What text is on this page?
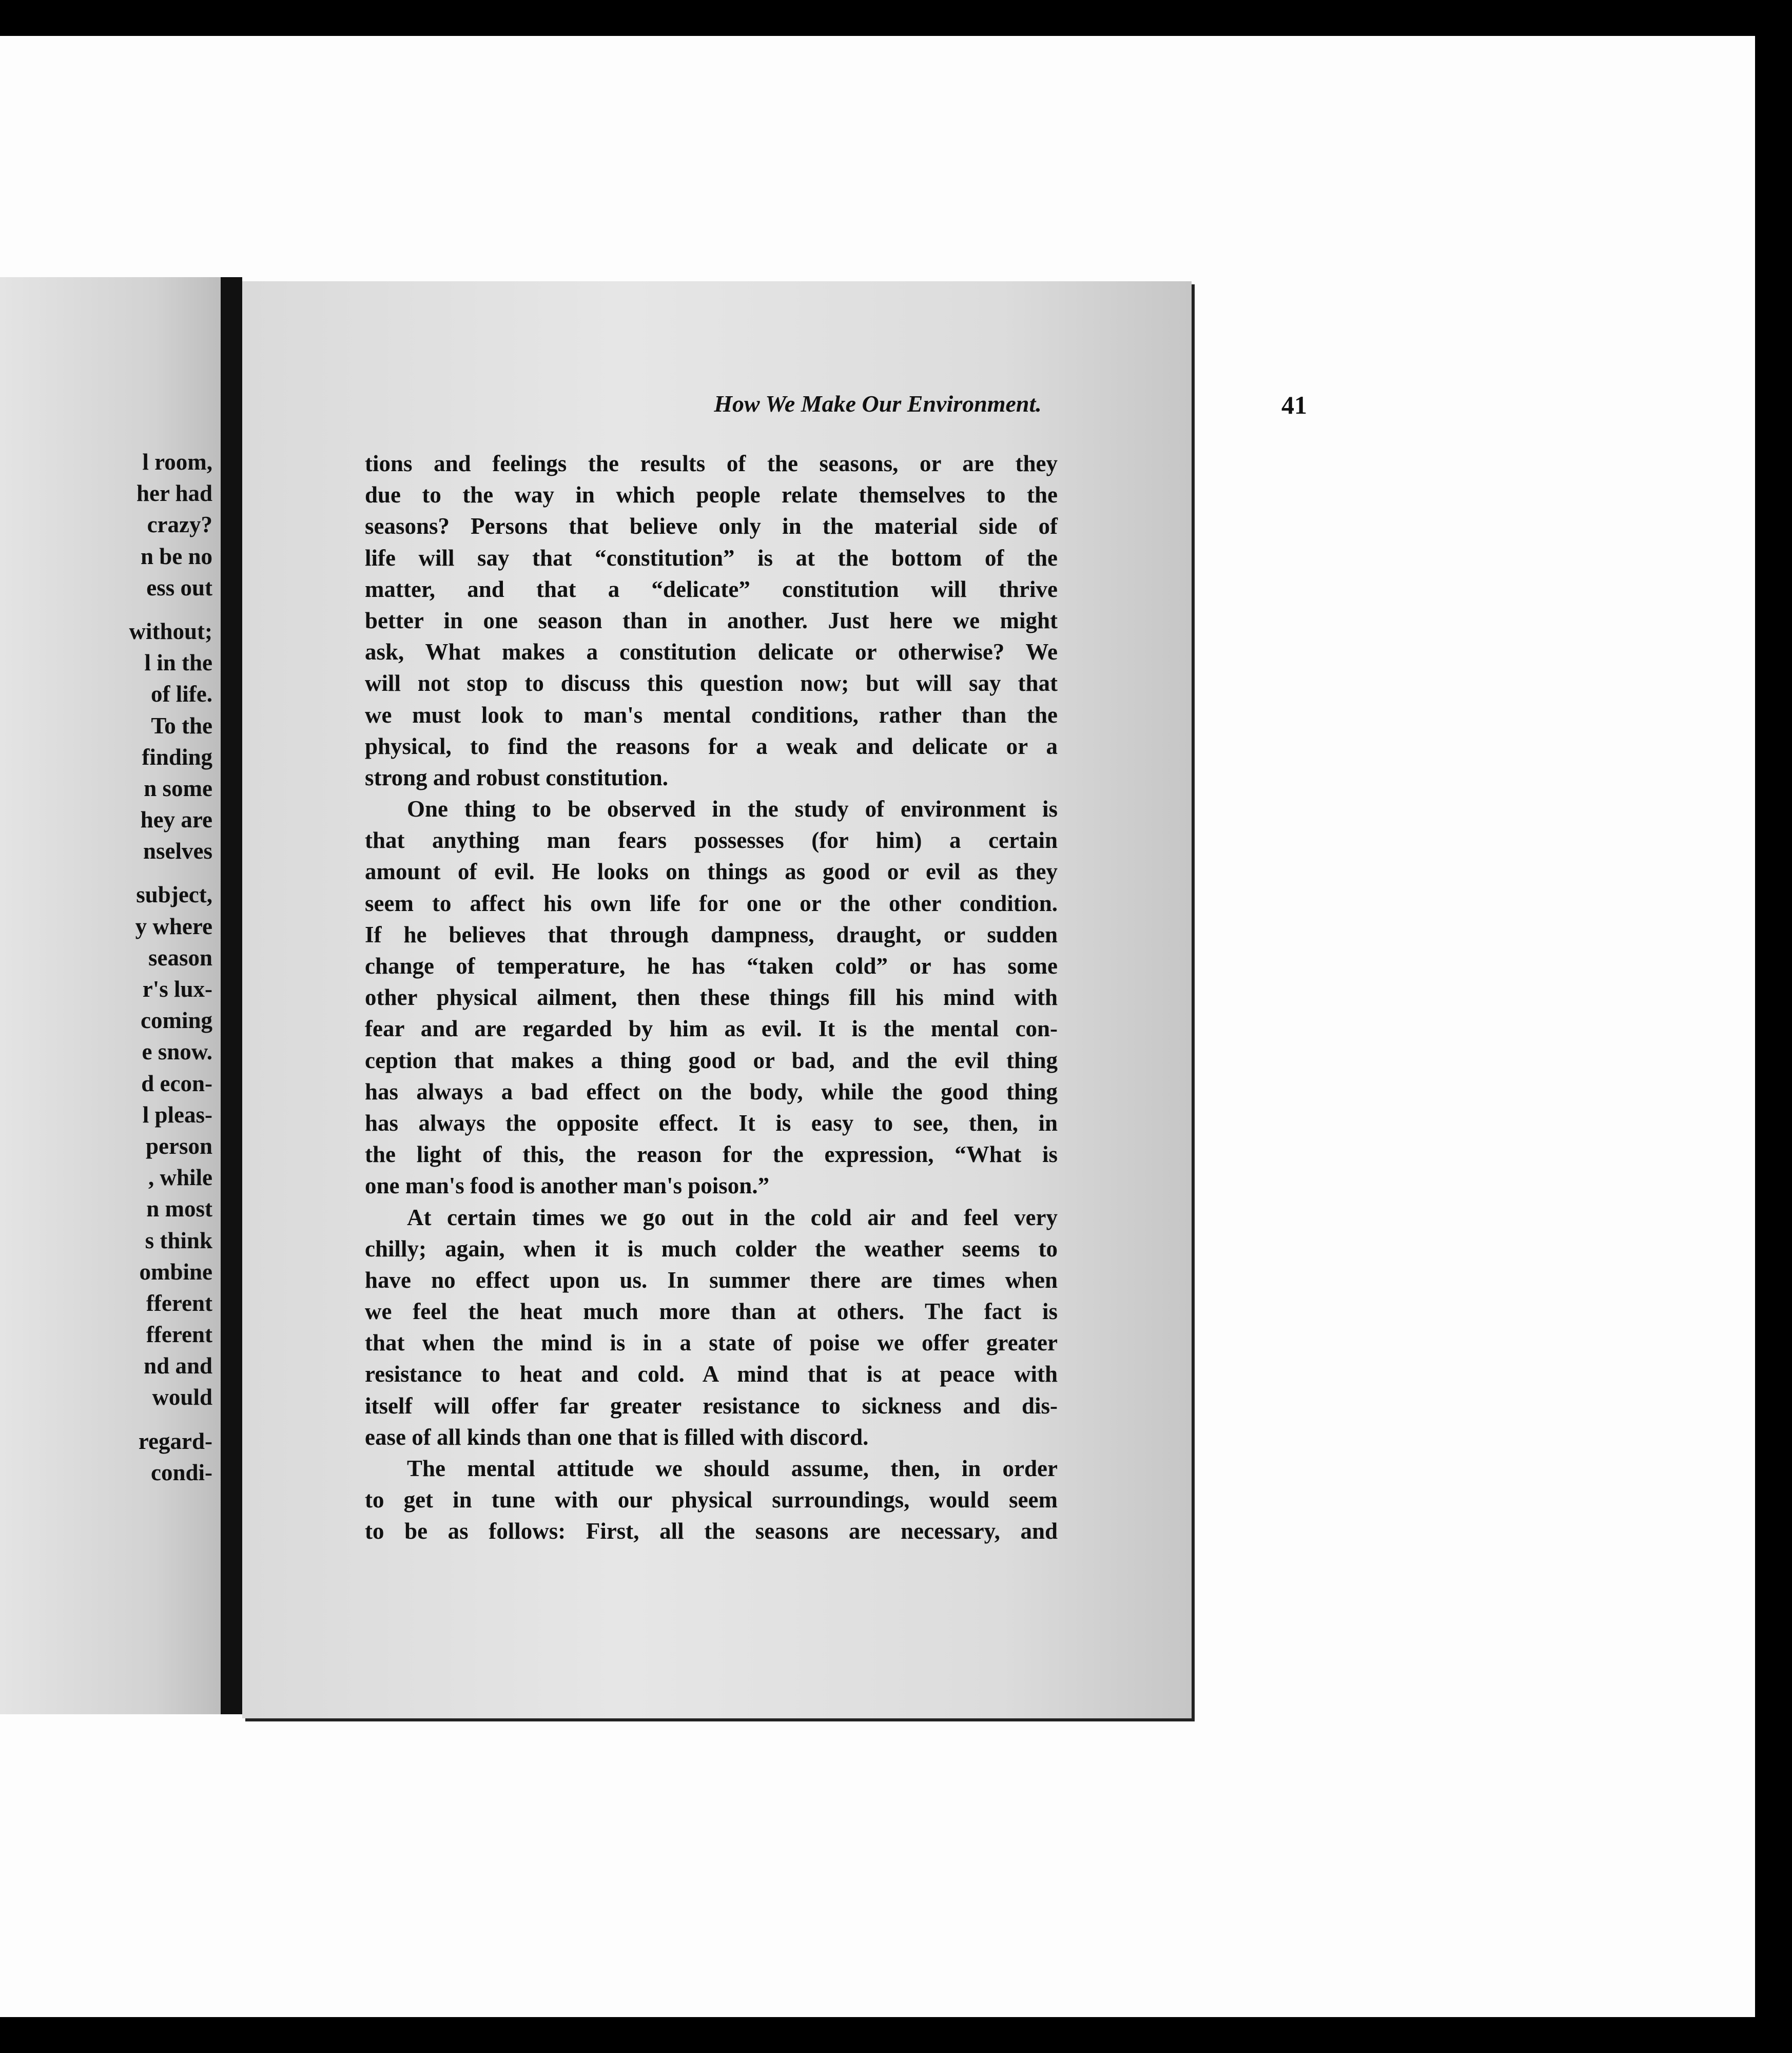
l room,
her had
crazy?
n be no
ess out
without;
l in the
of life.
To the
finding
n some
hey are
nselves
subject,
y where
season
r's lux-
coming
e snow.
d econ-
l pleas-
person
, while
n most
s think
ombine
fferent
fferent
nd and
would
regard-
condi-
How We Make Our Environment.	41
tions and feelings the results of the seasons, or are they
due to the way in which people relate themselves to the
seasons? Persons that believe only in the material side of
life will say that “constitution” is at the bottom of the
matter, and that a “delicate” constitution will thrive
better in one season than in another. Just here we might
ask, What makes a constitution delicate or otherwise? We
will not stop to discuss this question now; but will say that
we must look to man's mental conditions, rather than the
physical, to find the reasons for a weak and delicate or a
strong and robust constitution.
One thing to be observed in the study of environment is
that anything man fears possesses (for him) a certain
amount of evil. He looks on things as good or evil as they
seem to affect his own life for one or the other condition.
If he believes that through dampness, draught, or sudden
change of temperature, he has “taken cold” or has some
other physical ailment, then these things fill his mind with
fear and are regarded by him as evil. It is the mental con-
ception that makes a thing good or bad, and the evil thing
has always a bad effect on the body, while the good thing
has always the opposite effect. It is easy to see, then, in
the light of this, the reason for the expression, “What is
one man's food is another man's poison.”
At certain times we go out in the cold air and feel very
chilly; again, when it is much colder the weather seems to
have no effect upon us. In summer there are times when
we feel the heat much more than at others. The fact is
that when the mind is in a state of poise we offer greater
resistance to heat and cold. A mind that is at peace with
itself will offer far greater resistance to sickness and dis-
ease of all kinds than one that is filled with discord.
The mental attitude we should assume, then, in order
to get in tune with our physical surroundings, would seem
to be as follows: First, all the seasons are necessary, and
